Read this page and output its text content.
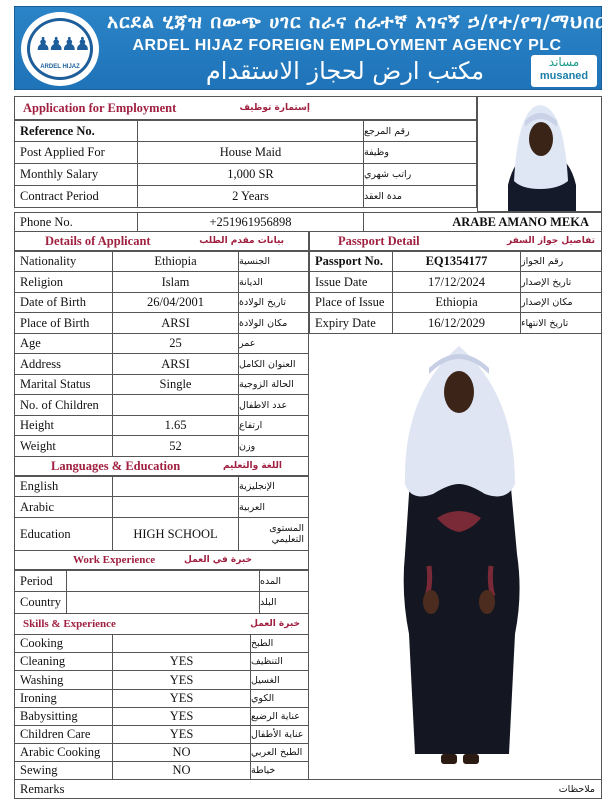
♟♟♟♟
ARDEL HIJAZ
አርደል ሂጃዝ በውጭ ሀገር ስራና ሰራተኛ አገናኝ ኃ/የተ/የግ/ማህበር
ARDEL HIJAZ FOREIGN EMPLOYMENT AGENCY PLC
مكتب ارض لحجاز الاستقدام	مساند
musaned
Application for Employment	إستمارة توظيف
Reference No.	رقم المرجع
Post Applied For	House Maid	وظيفة
Monthly Salary	1,000 SR	راتب شهري
Contract Period	2 Years	مدة العقد
Phone No.	+251961956898	ARABE AMANO MEKA
Details of Applicant	بيانات مقدم الطلب
Nationality	Ethiopia	الجنسية
Religion	Islam	الديانة
Date of Birth	26/04/2001	تاريخ الولادة
Place of Birth	ARSI	مكان الولادة
Age	25	عمر
Address	ARSI	العنوان الكامل
Marital Status	Single	الحالة الزوجية
No. of Children	عدد الاطفال
Height	1.65	ارتفاع
Weight	52	وزن
Passport Detail	تفاصيل جواز السفر
Passport No.	EQ1354177	رقم الجواز
Issue Date	17/12/2024	تاريخ الإصدار
Place of Issue	Ethiopia	مكان الإصدار
Expiry Date	16/12/2029	تاريخ الانتهاء
Languages & Education	اللغة والتعليم
English	الإنجليزية
Arabic	العربية
Education	HIGH SCHOOL	المستوى التعليمي
Work Experience	خبرة في العمل
Period	المده
Country	البلد
Skills & Experience	خبرة العمل
Cooking	الطبخ
Cleaning	YES	التنظيف
Washing	YES	الغسيل
Ironing	YES	الكوي
Babysitting	YES	عناية الرضيع
Children Care	YES	عناية الأطفال
Arabic Cooking	NO	الطبخ العربي
Sewing	NO	خياطة
Remarks	ملاحظات
